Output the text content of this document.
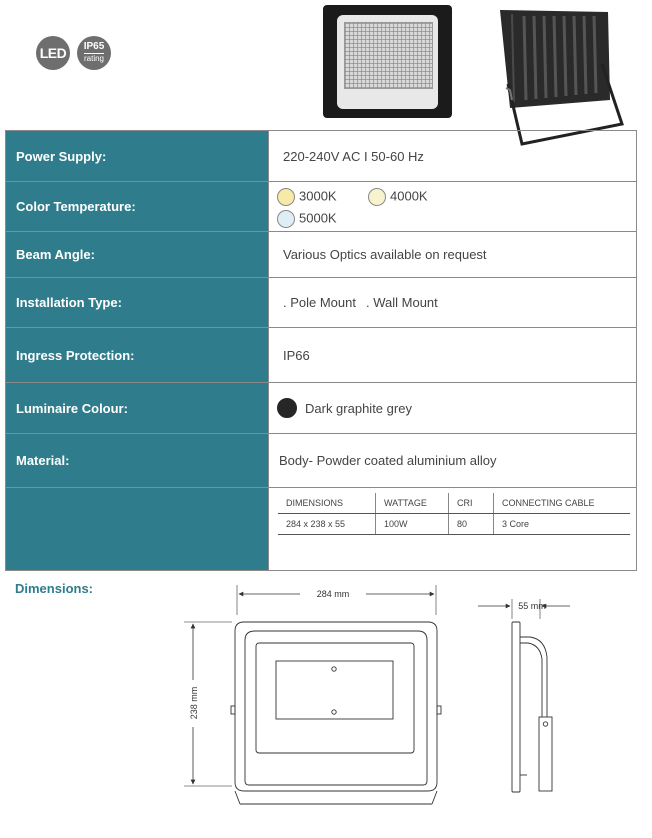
LED IP65
rating
Power Supply:	220-240V AC I 50-60 Hz
Color Temperature:
3000K	4000K
5000K
Beam Angle:	Various Optics available on request
Installation Type:	. Pole Mount . Wall Mount
Ingress Protection:	IP66
Luminaire Colour:	Dark graphite grey
Material:	Body- Powder coated aluminium alloy
DIMENSIONS	WATTAGE	CRI	CONNECTING CABLE
284 x 238 x 55	100W	80	3 Core
Dimensions:	284 mm
238 mm
55 mm
